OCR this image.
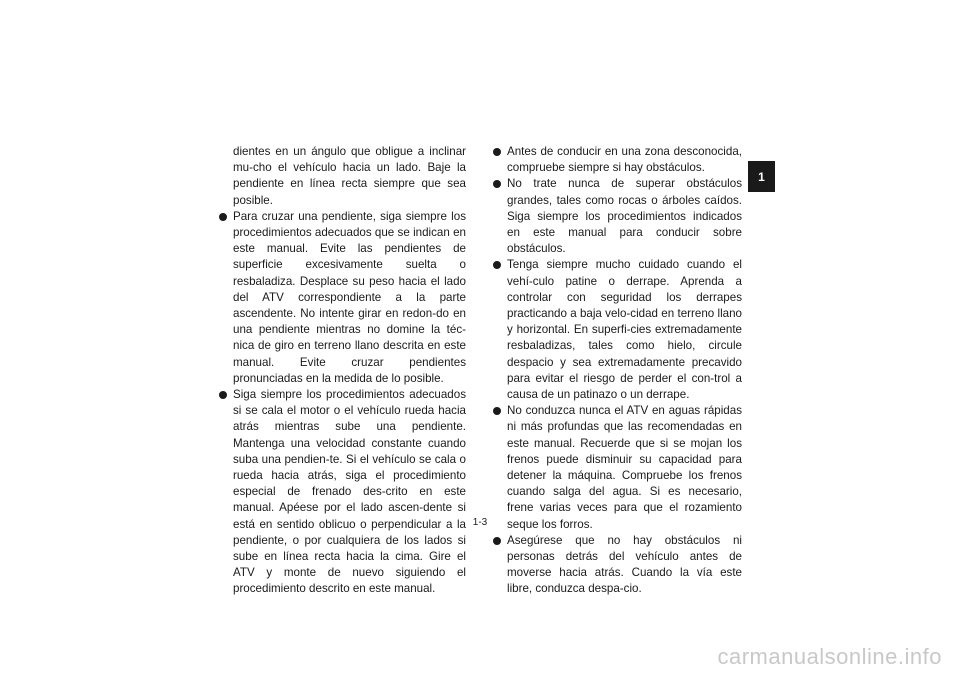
dientes en un ángulo que obligue a inclinar mu-cho el vehículo hacia un lado. Baje la pendiente en línea recta siempre que sea posible.

Para cruzar una pendiente, siga siempre los procedimientos adecuados que se indican en este manual. Evite las pendientes de superficie excesivamente suelta o resbaladiza. Desplace su peso hacia el lado del ATV correspondiente a la parte ascendente. No intente girar en redon-do en una pendiente mientras no domine la téc-nica de giro en terreno llano descrita en este manual. Evite cruzar pendientes pronunciadas en la medida de lo posible.

Siga siempre los procedimientos adecuados si se cala el motor o el vehículo rueda hacia atrás mientras sube una pendiente. Mantenga una velocidad constante cuando suba una pendien-te. Si el vehículo se cala o rueda hacia atrás, siga el procedimiento especial de frenado des-crito en este manual. Apéese por el lado ascen-dente si está en sentido oblicuo o perpendicular a la pendiente, o por cualquiera de los lados si sube en línea recta hacia la cima. Gire el ATV y monte de nuevo siguiendo el procedimiento descrito en este manual.

Antes de conducir en una zona desconocida, compruebe siempre si hay obstáculos.

No trate nunca de superar obstáculos grandes, tales como rocas o árboles caídos. Siga siempre los procedimientos indicados en este manual para conducir sobre obstáculos.

Tenga siempre mucho cuidado cuando el vehí-culo patine o derrape. Aprenda a controlar con seguridad los derrapes practicando a baja velo-cidad en terreno llano y horizontal. En superfi-cies extremadamente resbaladizas, tales como hielo, circule despacio y sea extremadamente precavido para evitar el riesgo de perder el con-trol a causa de un patinazo o un derrape.

No conduzca nunca el ATV en aguas rápidas ni más profundas que las recomendadas en este manual. Recuerde que si se mojan los frenos puede disminuir su capacidad para detener la máquina. Compruebe los frenos cuando salga del agua. Si es necesario, frene varias veces para que el rozamiento seque los forros.

Asegúrese que no hay obstáculos ni personas detrás del vehículo antes de moverse hacia atrás. Cuando la vía este libre, conduzca despa-cio.

1
1-3
carmanualsonline.info
